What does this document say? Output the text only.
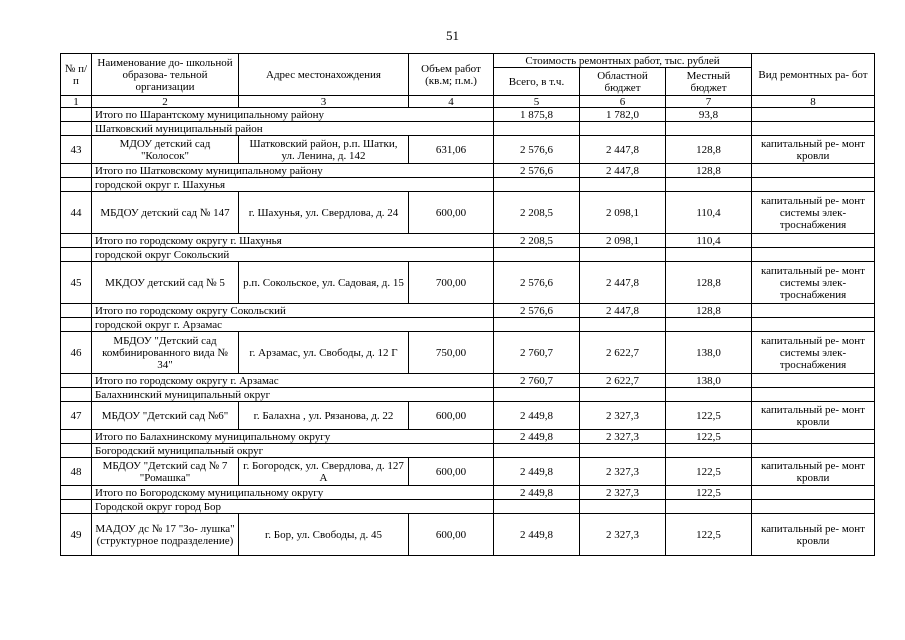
51
№ п/п	Наименование до- школьной образова- тельной организации	Адрес местонахождения	Объем работ (кв.м; п.м.)	Стоимость ремонтных работ, тыс. рублей			Вид ремонтных ра- бот
				Всего, в т.ч.	Областной бюджет	Местный бюджет	
1	2	3	4	5	6	7	8
	Итого по Шарантскому муниципальному району			1 875,8	1 782,0	93,8	
	Шатковский муниципальный район						
43	МДОУ детский сад "Колосок"	Шатковский район, р.п. Шатки, ул. Ленина, д. 142	631,06	2 576,6	2 447,8	128,8	капитальный ре- монт кровли
	Итого по Шатковскому муниципальному району			2 576,6	2 447,8	128,8	
	городской округ г. Шахунья						
44	МБДОУ детский сад № 147	г. Шахунья, ул. Свердлова, д. 24	600,00	2 208,5	2 098,1	110,4	капитальный ре- монт системы элек- троснабжения
	Итого по городскому округу г. Шахунья			2 208,5	2 098,1	110,4	
	городской округ Сокольский						
45	МКДОУ детский сад № 5	р.п. Сокольское, ул. Садовая, д. 15	700,00	2 576,6	2 447,8	128,8	капитальный ре- монт системы элек- троснабжения
	Итого по городскому округу Сокольский			2 576,6	2 447,8	128,8	
	городской округ г. Арзамас						
46	МБДОУ "Детский сад комбинированного вида № 34"	г. Арзамас, ул. Свободы, д. 12 Г	750,00	2 760,7	2 622,7	138,0	капитальный ре- монт системы элек- троснабжения
	Итого по городскому округу г. Арзамас			2 760,7	2 622,7	138,0	
	Балахнинский муниципальный округ						
47	МБДОУ "Детский сад №6"	г. Балахна , ул. Рязанова, д. 22	600,00	2 449,8	2 327,3	122,5	капитальный ре- монт кровли
	Итого по Балахнинскому муниципальному округу			2 449,8	2 327,3	122,5	
	Богородский муниципальный округ						
48	МБДОУ "Детский сад № 7 "Ромашка"	г. Богородск, ул. Свердлова, д. 127 А	600,00	2 449,8	2 327,3	122,5	капитальный ре- монт кровли
	Итого по Богородскому муниципальному округу			2 449,8	2 327,3	122,5	
	Городской округ город Бор						
49	МАДОУ дс № 17 "Зо- лушка" (структурное подразделение)	г. Бор, ул. Свободы, д. 45	600,00	2 449,8	2 327,3	122,5	капитальный ре- монт кровли
